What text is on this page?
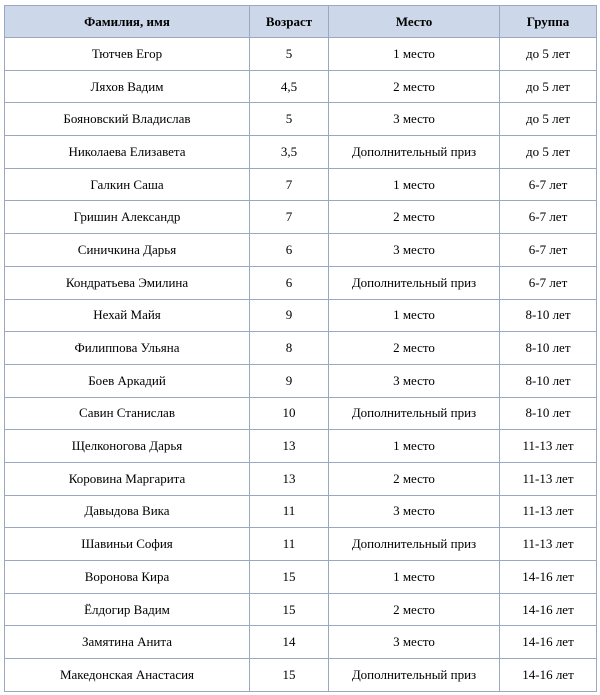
Фамилия, имя	Возраст	Место	Группа
Тютчев Егор	5	1 место	до 5 лет
Ляхов Вадим	4,5	2 место	до 5 лет
Бояновский Владислав	5	3 место	до 5 лет
Николаева Елизавета	3,5	Дополнительный приз	до 5 лет
Галкин Саша	7	1 место	6-7 лет
Гришин Александр	7	2 место	6-7 лет
Синичкина Дарья	6	3 место	6-7 лет
Кондратьева Эмилина	6	Дополнительный приз	6-7 лет
Нехай Майя	9	1 место	8-10 лет
Филиппова Ульяна	8	2 место	8-10 лет
Боев Аркадий	9	3 место	8-10 лет
Савин Станислав	10	Дополнительный приз	8-10 лет
Щелконогова Дарья	13	1 место	11-13 лет
Коровина Маргарита	13	2 место	11-13 лет
Давыдова Вика	11	3 место	11-13 лет
Шавиньи София	11	Дополнительный приз	11-13 лет
Воронова Кира	15	1 место	14-16 лет
Ёлдогир Вадим	15	2 место	14-16 лет
Замятина Анита	14	3 место	14-16 лет
Македонская Анастасия	15	Дополнительный приз	14-16 лет
